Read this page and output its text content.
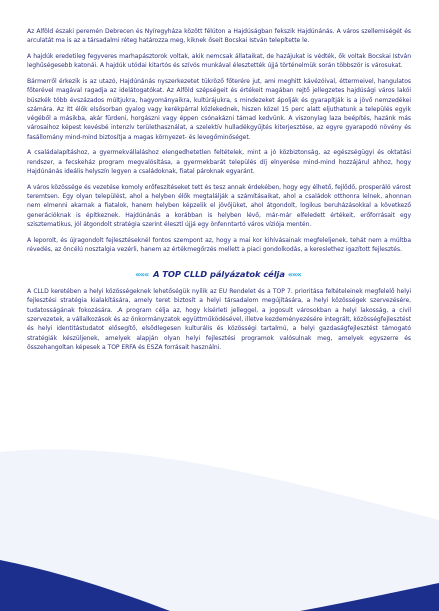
Az Alföld északi peremén Debrecen és Nyíregyháza között félúton a Hajdúságban fekszik Hajdúnánás. A város szellemiségét és arculatát ma is az a társadalmi réteg határozza meg, kiknek őseit Bocskai István telepítette le.

A hajdúk eredetileg fegyveres marhapásztorok voltak, akik nemcsak állataikat, de hazájukat is védték, ők voltak Bocskai István leghűségesebb katonái. A hajdúk utódai kitartós és szívós munkával élesztették újjá történelmük során többször is városukat.

Bármerről érkezik is az utazó, Hajdúnánás nyszerkezetet tükröző főterére jut, ami meghitt kávézóival, éttermeivel, hangulatos főterével magával ragadja az idelátogatókat. Az Alföld szépségeit és értékeit magában rejtő jellegzetes hajdúsági város lakói büszkék több évszázados múltjukra, hagyományaikra, kultúrájukra, s mindezeket ápolják és gyarapítják is a jövő nemzedékei számára. Az itt élők elsősorban gyalog vagy kerékpárral közlekednek, hiszen közel 15 perc alatt eljuthatunk a település egyik végéből a másikba, akár fürdeni, horgászni vagy éppen csónakázni támad kedvünk. A viszonylag laza beépítés, hazánk más városaihoz képest kevésbé intenzív területhasználat, a szelektív hulladékgyűjtés kiterjesztése, az egyre gyarapodó növény és fasállomány mind-mind biztosítja a magas környezet- és levegőminőséget.

A családalapításhoz, a gyermekvállaláshoz elengedhetetlen feltételek, mint a jó közbiztonság, az egészségügyi és oktatási rendszer, a fecskeház program megvalósítása, a gyermekbarát település díj elnyerése mind-mind hozzájárul ahhoz, hogy Hajdúnánás ideális helyszín legyen a családoknak, fiatal pároknak egyaránt.

A város közössége és vezetése komoly erőfeszítéseket tett és tesz annak érdekében, hogy egy élhető, fejlődő, prosperáló várost teremtsen. Egy olyan települést, ahol a helyben élők megtalálják a számításaikat, ahol a családok otthonra lelnek, ahonnan nem elmenni akarnak a fiatalok, hanem helyben képzelik el jövőjüket, ahol átgondolt, logikus beruházásokkal a következő generációknak is építkeznek. Hajdúnánás a korábban is helyben lévő, már-már elfeledett értékeit, erőforrásait egy szisztematikus, jól átgondolt stratégia szerint élesztí újjá egy önfenntartó város víziója mentén.

A leporolt, és újragondolt fejlesztéseknél fontos szempont az, hogy a mai kor kihívásainak megfeleljenek, tehát nem a múltba révedés, az öncélú nosztalgia vezérli, hanem az értékmegőrzés mellett a piaci gondolkodás, a kereslethez igazított fejlesztés.

««« A TOP CLLD pályázatok célja «««

A CLLD keretében a helyi közösségeknek lehetőségük nyílik az EU Rendelet és a TOP 7. prioritása feltételeinek megfelelő helyi fejlesztési stratégia kialakítására, amely teret biztosít a helyi társadalom megújítására, a helyi közösségek szervezésére, tudatosságának fokozására. .A program célja az, hogy kísérleti jelleggel, a jogosult városokban a helyi lakosság, a civil szervezetek, a vállalkozások és az önkormányzatok együttműködésével, illetve kezdeményezésére integrált, közösségfejlesztést és helyi identitástudatot elősegítő, elsődlegesen kulturális és közösségi tartalmú, a helyi gazdaságfejlesztést támogató stratégiák készüljenek, amelyek alapján olyan helyi fejlesztési programok valósulnak meg, amelyek egyszerre és összehangoltan képesek a TOP ERFA és ESZA forrásait használni.
